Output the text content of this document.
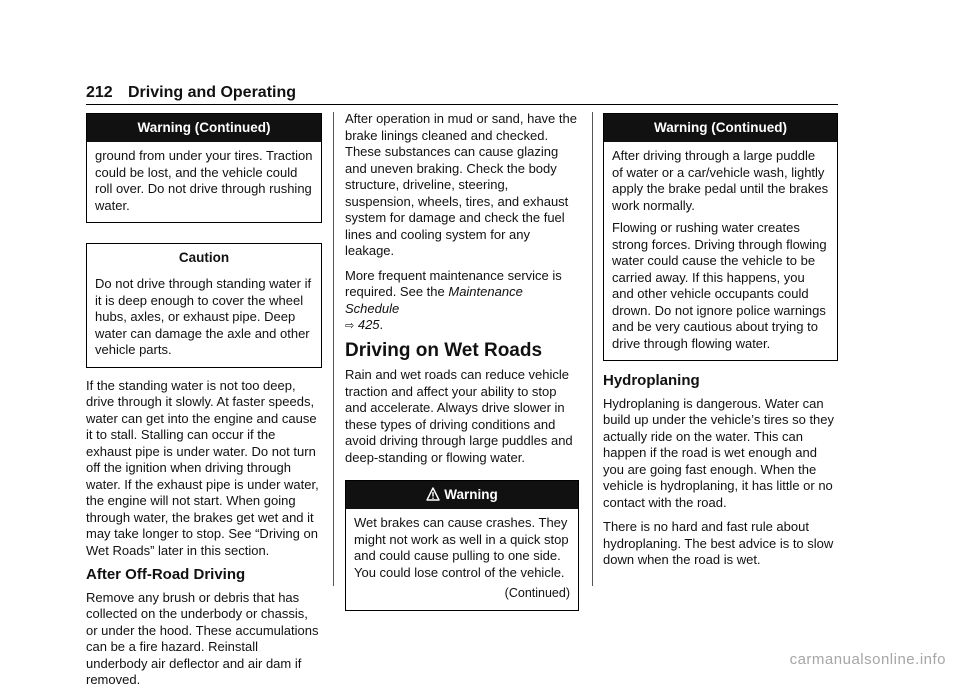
212 Driving and Operating
Warning (Continued)

ground from under your tires. Traction could be lost, and the vehicle could roll over. Do not drive through rushing water.

Caution

Do not drive through standing water if it is deep enough to cover the wheel hubs, axles, or exhaust pipe. Deep water can damage the axle and other vehicle parts.

If the standing water is not too deep, drive through it slowly. At faster speeds, water can get into the engine and cause it to stall. Stalling can occur if the exhaust pipe is under water. Do not turn off the ignition when driving through water. If the exhaust pipe is under water, the engine will not start. When going through water, the brakes get wet and it may take longer to stop. See “Driving on Wet Roads” later in this section.

After Off-Road Driving

Remove any brush or debris that has collected on the underbody or chassis, or under the hood. These accumulations can be a fire hazard. Reinstall underbody air deflector and air dam if removed.

After operation in mud or sand, have the brake linings cleaned and checked. These substances can cause glazing and uneven braking. Check the body structure, driveline, steering, suspension, wheels, tires, and exhaust system for damage and check the fuel lines and cooling system for any leakage.

More frequent maintenance service is required. See the Maintenance Schedule
⇨ 425.

Driving on Wet Roads

Rain and wet roads can reduce vehicle traction and affect your ability to stop and accelerate. Always drive slower in these types of driving conditions and avoid driving through large puddles and deep-standing or flowing water.

Warning

Wet brakes can cause crashes. They might not work as well in a quick stop and could cause pulling to one side. You could lose control of the vehicle.

(Continued)
Warning (Continued)

After driving through a large puddle of water or a car/vehicle wash, lightly apply the brake pedal until the brakes work normally.

Flowing or rushing water creates strong forces. Driving through flowing water could cause the vehicle to be carried away. If this happens, you and other vehicle occupants could drown. Do not ignore police warnings and be very cautious about trying to drive through flowing water.

Hydroplaning

Hydroplaning is dangerous. Water can build up under the vehicle’s tires so they actually ride on the water. This can happen if the road is wet enough and you are going fast enough. When the vehicle is hydroplaning, it has little or no contact with the road.

There is no hard and fast rule about hydroplaning. The best advice is to slow down when the road is wet.

carmanualsonline.info
